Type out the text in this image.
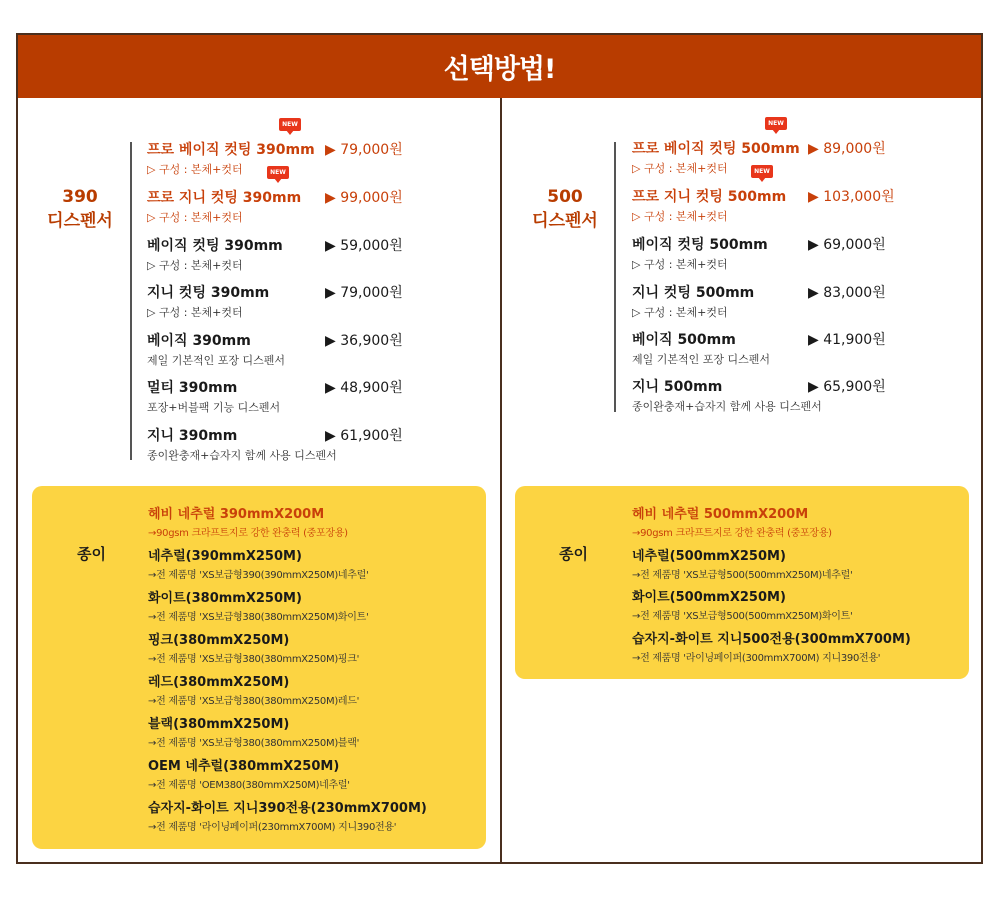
선택방법!
390
디스펜서
프로 베이직 컷팅 390mm ▶ 79,000원
▷ 구성 : 본체+컷터
NEW
프로 지니 컷팅 390mm ▶ 99,000원
▷ 구성 : 본체+컷터
NEW
베이직 컷팅 390mm	▶ 59,000원
▷ 구성 : 본체+컷터
지니 컷팅 390mm	▶ 79,000원
▷ 구성 : 본체+컷터
베이직 390mm	▶ 36,900원
제일 기본적인 포장 디스펜서
멀티 390mm	▶ 48,900원
포장+버블팩 기능 디스펜서
지니 390mm	▶ 61,900원
종이완충재+습자지 함께 사용 디스펜서
종이
헤비 네추럴 390mmX200M
→90gsm 크라프트지로 강한 완충력 (중포장용)
네추럴(390mmX250M)
→전 제품명 'XS보급형390(390mmX250M)네추럴'
화이트(380mmX250M)
→전 제품명 'XS보급형380(380mmX250M)화이트'
핑크(380mmX250M)
→전 제품명 'XS보급형380(380mmX250M)핑크'
레드(380mmX250M)
→전 제품명 'XS보급형380(380mmX250M)레드'
블랙(380mmX250M)
→전 제품명 'XS보급형380(380mmX250M)블랙'
OEM 네추럴(380mmX250M)
→전 제품명 'OEM380(380mmX250M)네추럴'
습자지-화이트 지니390전용(230mmX700M)
→전 제품명 '라이닝페이퍼(230mmX700M) 지니390전용'
500
디스펜서
프로 베이직 컷팅 500mm ▶ 89,000원
▷ 구성 : 본체+컷터
NEW
프로 지니 컷팅 500mm ▶ 103,000원
▷ 구성 : 본체+컷터
NEW
베이직 컷팅 500mm	▶ 69,000원
▷ 구성 : 본체+컷터
지니 컷팅 500mm	▶ 83,000원
▷ 구성 : 본체+컷터
베이직 500mm	▶ 41,900원
제일 기본적인 포장 디스펜서
지니 500mm	▶ 65,900원
종이완충재+습자지 함께 사용 디스펜서
종이
헤비 네추럴 500mmX200M
→90gsm 크라프트지로 강한 완충력 (중포장용)
네추럴(500mmX250M)
→전 제품명 'XS보급형500(500mmX250M)네추럴'
화이트(500mmX250M)
→전 제품명 'XS보급형500(500mmX250M)화이트'
습자지-화이트 지니500전용(300mmX700M)
→전 제품명 '라이닝페이퍼(300mmX700M) 지니390전용'
